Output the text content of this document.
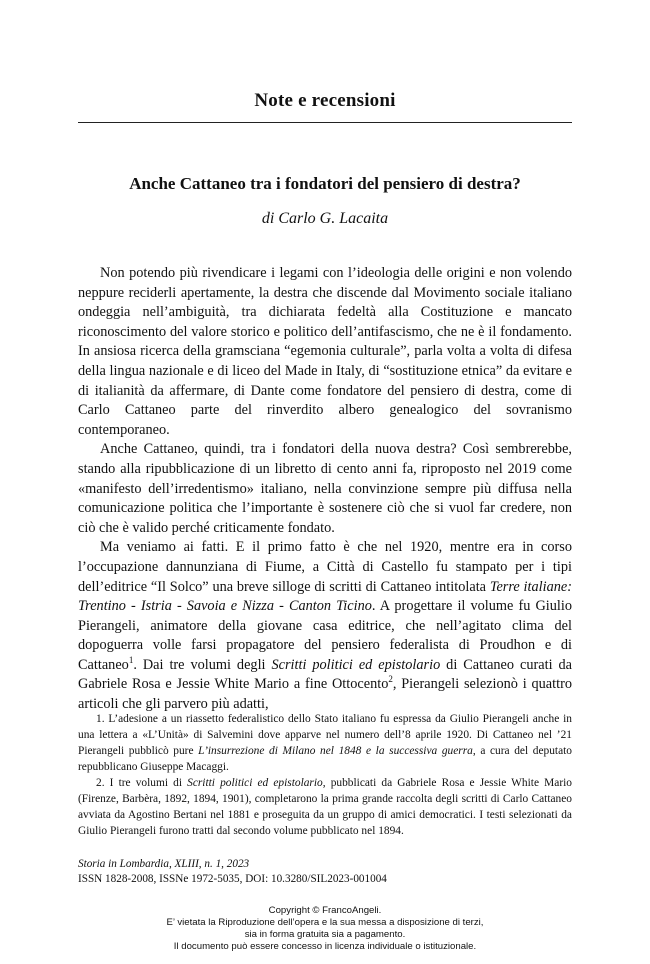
Note e recensioni
Anche Cattaneo tra i fondatori del pensiero di destra?
di Carlo G. Lacaita

Non potendo più rivendicare i legami con l’ideologia delle origini e non volendo neppure reciderli apertamente, la destra che discende dal Movimento sociale italiano ondeggia nell’ambiguità, tra dichiarata fedeltà alla Costituzione e mancato riconoscimento del valore storico e politico dell’antifascismo, che ne è il fondamento. In ansiosa ricerca della gramsciana “egemonia culturale”, parla volta a volta di difesa della lingua nazionale e di liceo del Made in Italy, di “sostituzione etnica” da evitare e di italianità da affermare, di Dante come fondatore del pensiero di destra, come di Carlo Cattaneo parte del rinverdito albero genealogico del sovranismo contemporaneo.

Anche Cattaneo, quindi, tra i fondatori della nuova destra? Così sembrerebbe, stando alla ripubblicazione di un libretto di cento anni fa, riproposto nel 2019 come «manifesto dell’irredentismo» italiano, nella convinzione sempre più diffusa nella comunicazione politica che l’importante è sostenere ciò che si vuol far credere, non ciò che è valido perché criticamente fondato.

Ma veniamo ai fatti. E il primo fatto è che nel 1920, mentre era in corso l’occupazione dannunziana di Fiume, a Città di Castello fu stampato per i tipi dell’editrice “Il Solco” una breve silloge di scritti di Cattaneo intitolata Terre italiane: Trentino - Istria - Savoia e Nizza - Canton Ticino. A progettare il volume fu Giulio Pierangeli, animatore della giovane casa editrice, che nell’agitato clima del dopoguerra volle farsi propagatore del pensiero federalista di Proudhon e di Cattaneo$^1$. Dai tre volumi degli Scritti politici ed epistolario di Cattaneo curati da Gabriele Rosa e Jessie White Mario a fine Ottocento$^2$, Pierangeli selezionò i quattro articoli che gli parvero più adatti,

1. L’adesione a un riassetto federalistico dello Stato italiano fu espressa da Giulio Pierangeli anche in una lettera a «L’Unità» di Salvemini dove apparve nel numero dell’8 aprile 1920. Di Cattaneo nel ’21 Pierangeli pubblicò pure L’insurrezione di Milano nel 1848 e la successiva guerra, a cura del deputato repubblicano Giuseppe Macaggi.

2. I tre volumi di Scritti politici ed epistolario, pubblicati da Gabriele Rosa e Jessie White Mario (Firenze, Barbèra, 1892, 1894, 1901), completarono la prima grande raccolta degli scritti di Carlo Cattaneo avviata da Agostino Bertani nel 1881 e proseguita da un gruppo di amici democratici. I testi selezionati da Giulio Pierangeli furono tratti dal secondo volume pubblicato nel 1894.

Storia in Lombardia, XLIII, n. 1, 2023
ISSN 1828-2008, ISSNe 1972-5035, DOI: 10.3280/SIL2023-001004
Copyright © FrancoAngeli.
E’ vietata la Riproduzione dell’opera e la sua messa a disposizione di terzi,
sia in forma gratuita sia a pagamento.
Il documento può essere concesso in licenza individuale o istituzionale.
